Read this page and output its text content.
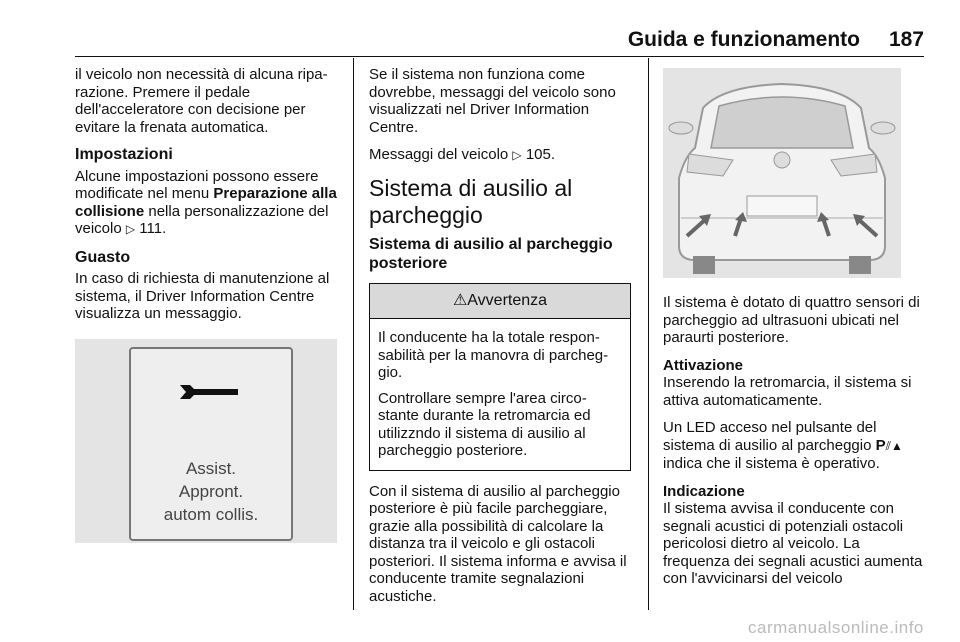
Guida e funzionamento 187

il veicolo non necessità di alcuna ripa-razione. Premere il pedale dell'acceleratore con decisione per evitare la frenata automatica.

Impostazioni

Alcune impostazioni possono essere modificate nel menu Preparazione alla collisione nella personalizzazione del veicolo ▷ 111.

Guasto

In caso di richiesta di manutenzione al sistema, il Driver Information Centre visualizza un messaggio.

Assist.
Appront.
autom collis.

Se il sistema non funziona come dovrebbe, messaggi del veicolo sono visualizzati nel Driver Information Centre.

Messaggi del veicolo ▷ 105.

Sistema di ausilio al parcheggio
Sistema di ausilio al parcheggio posteriore
⚠Avvertenza

Il conducente ha la totale respon-sabilità per la manovra di parcheg-gio.

Controllare sempre l'area circo-stante durante la retromarcia ed utilizzndo il sistema di ausilio al parcheggio posteriore.

Con il sistema di ausilio al parcheggio posteriore è più facile parcheggiare, grazie alla possibilità di calcolare la distanza tra il veicolo e gli ostacoli posteriori. Il sistema informa e avvisa il conducente tramite segnalazioni acustiche.

Il sistema è dotato di quattro sensori di parcheggio ad ultrasuoni ubicati nel paraurti posteriore.

Attivazione

Inserendo la retromarcia, il sistema si attiva automaticamente.

Un LED acceso nel pulsante del sistema di ausilio al parcheggio P⫽▲
indica che il sistema è operativo.

Indicazione

Il sistema avvisa il conducente con segnali acustici di potenziali ostacoli pericolosi dietro al veicolo. La frequenza dei segnali acustici aumenta con l'avvicinarsi del veicolo

carmanualsonline.info
